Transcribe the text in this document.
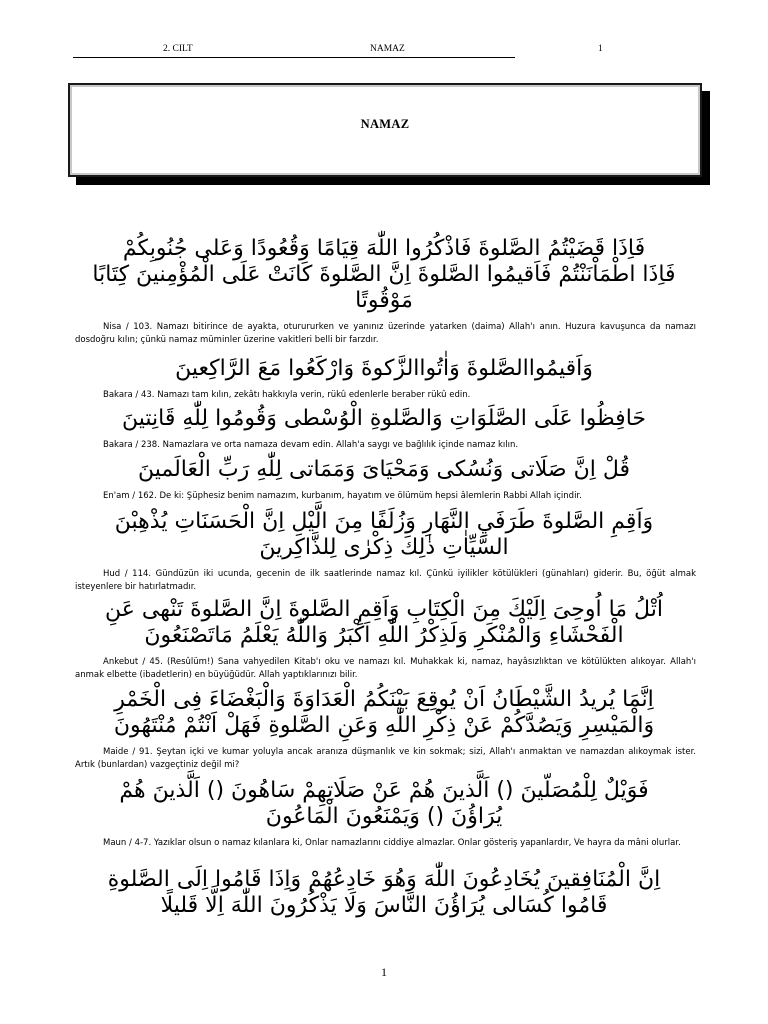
2. CILT	NAMAZ	1
NAMAZ
فَاِذَا قَضَيْتُمُ الصَّلوةَ فَاذْكُرُوا اللّٰهَ قِيَامًا وَقُعُودًا وَعَلى جُنُوبِكُمْ
فَاِذَا اطْمَاْنَنْتُمْ فَاَقيمُوا الصَّلوةَ اِنَّ الصَّلوةَ كَانَتْ عَلَى الْمُؤْمِنينَ كِتَابًا
مَوْقُوتًا
Nisa / 103. Namazı bitirince de ayakta, oturururken ve yanınız üzerinde yatarken (daima) Allah'ı anın. Huzura kavuşunca da namazı dosdoğru kılın; çünkü namaz müminler üzerine vakitleri belli bir farzdır.
وَاَقيمُواالصَّلوةَ وَاٰتُواالزَّكوةَ وَارْكَعُوا مَعَ الرَّاكِعينَ
Bakara / 43. Namazı tam kılın, zekâtı hakkıyla verin, rükû edenlerle beraber rükû edin.
حَافِظُوا عَلَى الصَّلَوَاتِ وَالصَّلوةِ الْوُسْطى وَقُومُوا لِلّٰهِ قَانِتينَ
Bakara / 238. Namazlara ve orta namaza devam edin. Allah'a saygı ve bağlılık içinde namaz kılın.
قُلْ اِنَّ صَلَاتى وَنُسُكى وَمَحْيَاىَ وَمَمَاتى لِلّٰهِ رَبِّ الْعَالَمينَ
En'am / 162. De ki: Şüphesiz benim namazım, kurbanım, hayatım ve ölümüm hepsi âlemlerin Rabbi Allah içindir.
وَاَقِمِ الصَّلوةَ طَرَفَيِ النَّهَارِ وَزُلَفًا مِنَ الَّيْلِ اِنَّ الْحَسَنَاتِ يُذْهِبْنَ
السَّيِّاٰتِ ذٰلِكَ ذِكْرٰى لِلذَّاكِرينَ
Hud / 114. Gündüzün iki ucunda, gecenin de ilk saatlerinde namaz kıl. Çünkü iyilikler kötülükleri (günahları) giderir. Bu, öğüt almak isteyenlere bir hatırlatmadır.
اُتْلُ مَا اُوحِىَ اِلَيْكَ مِنَ الْكِتَابِ وَاَقِمِ الصَّلوةَ اِنَّ الصَّلوةَ تَنْهى عَنِ
الْفَحْشَاءِ وَالْمُنْكَرِ وَلَذِكْرُ اللّٰهِ اَكْبَرُ وَاللّٰهُ يَعْلَمُ مَاتَصْنَعُونَ
Ankebut / 45. (Resûlüm!) Sana vahyedilen Kitab'ı oku ve namazı kıl. Muhakkak ki, namaz, hayâsızlıktan ve kötülükten alıkoyar. Allah'ı anmak elbette (ibadetlerin) en büyüğüdür. Allah yaptıklarınızı bilir.
اِنَّمَا يُريدُ الشَّيْطَانُ اَنْ يُوقِعَ بَيْنَكُمُ الْعَدَاوَةَ وَالْبَغْضَاءَ فِى الْخَمْرِ
وَالْمَيْسِرِ وَيَصُدَّكُمْ عَنْ ذِكْرِ اللّٰهِ وَعَنِ الصَّلوةِ فَهَلْ اَنْتُمْ مُنْتَهُونَ
Maide / 91. Şeytan içki ve kumar yoluyla ancak aranıza düşmanlık ve kin sokmak; sizi, Allah'ı anmaktan ve namazdan alıkoymak ister. Artık (bunlardan) vazgeçtiniz değil mi?
فَوَيْلٌ لِلْمُصَلّينَ () اَلَّذينَ هُمْ عَنْ صَلَاتِهِمْ سَاهُونَ () اَلَّذينَ هُمْ
يُرَاؤُنَ () وَيَمْنَعُونَ الْمَاعُونَ
Maun / 4-7. Yazıklar olsun o namaz kılanlara ki, Onlar namazlarını ciddiye almazlar. Onlar gösteriş yapanlardır, Ve hayra da mâni olurlar.
اِنَّ الْمُنَافِقينَ يُخَادِعُونَ اللّٰهَ وَهُوَ خَادِعُهُمْ وَاِذَا قَامُوا اِلَى الصَّلوةِ
قَامُوا كُسَالى يُرَاؤُنَ النَّاسَ وَلَا يَذْكُرُونَ اللّٰهَ اِلَّا قَليلًا
1
